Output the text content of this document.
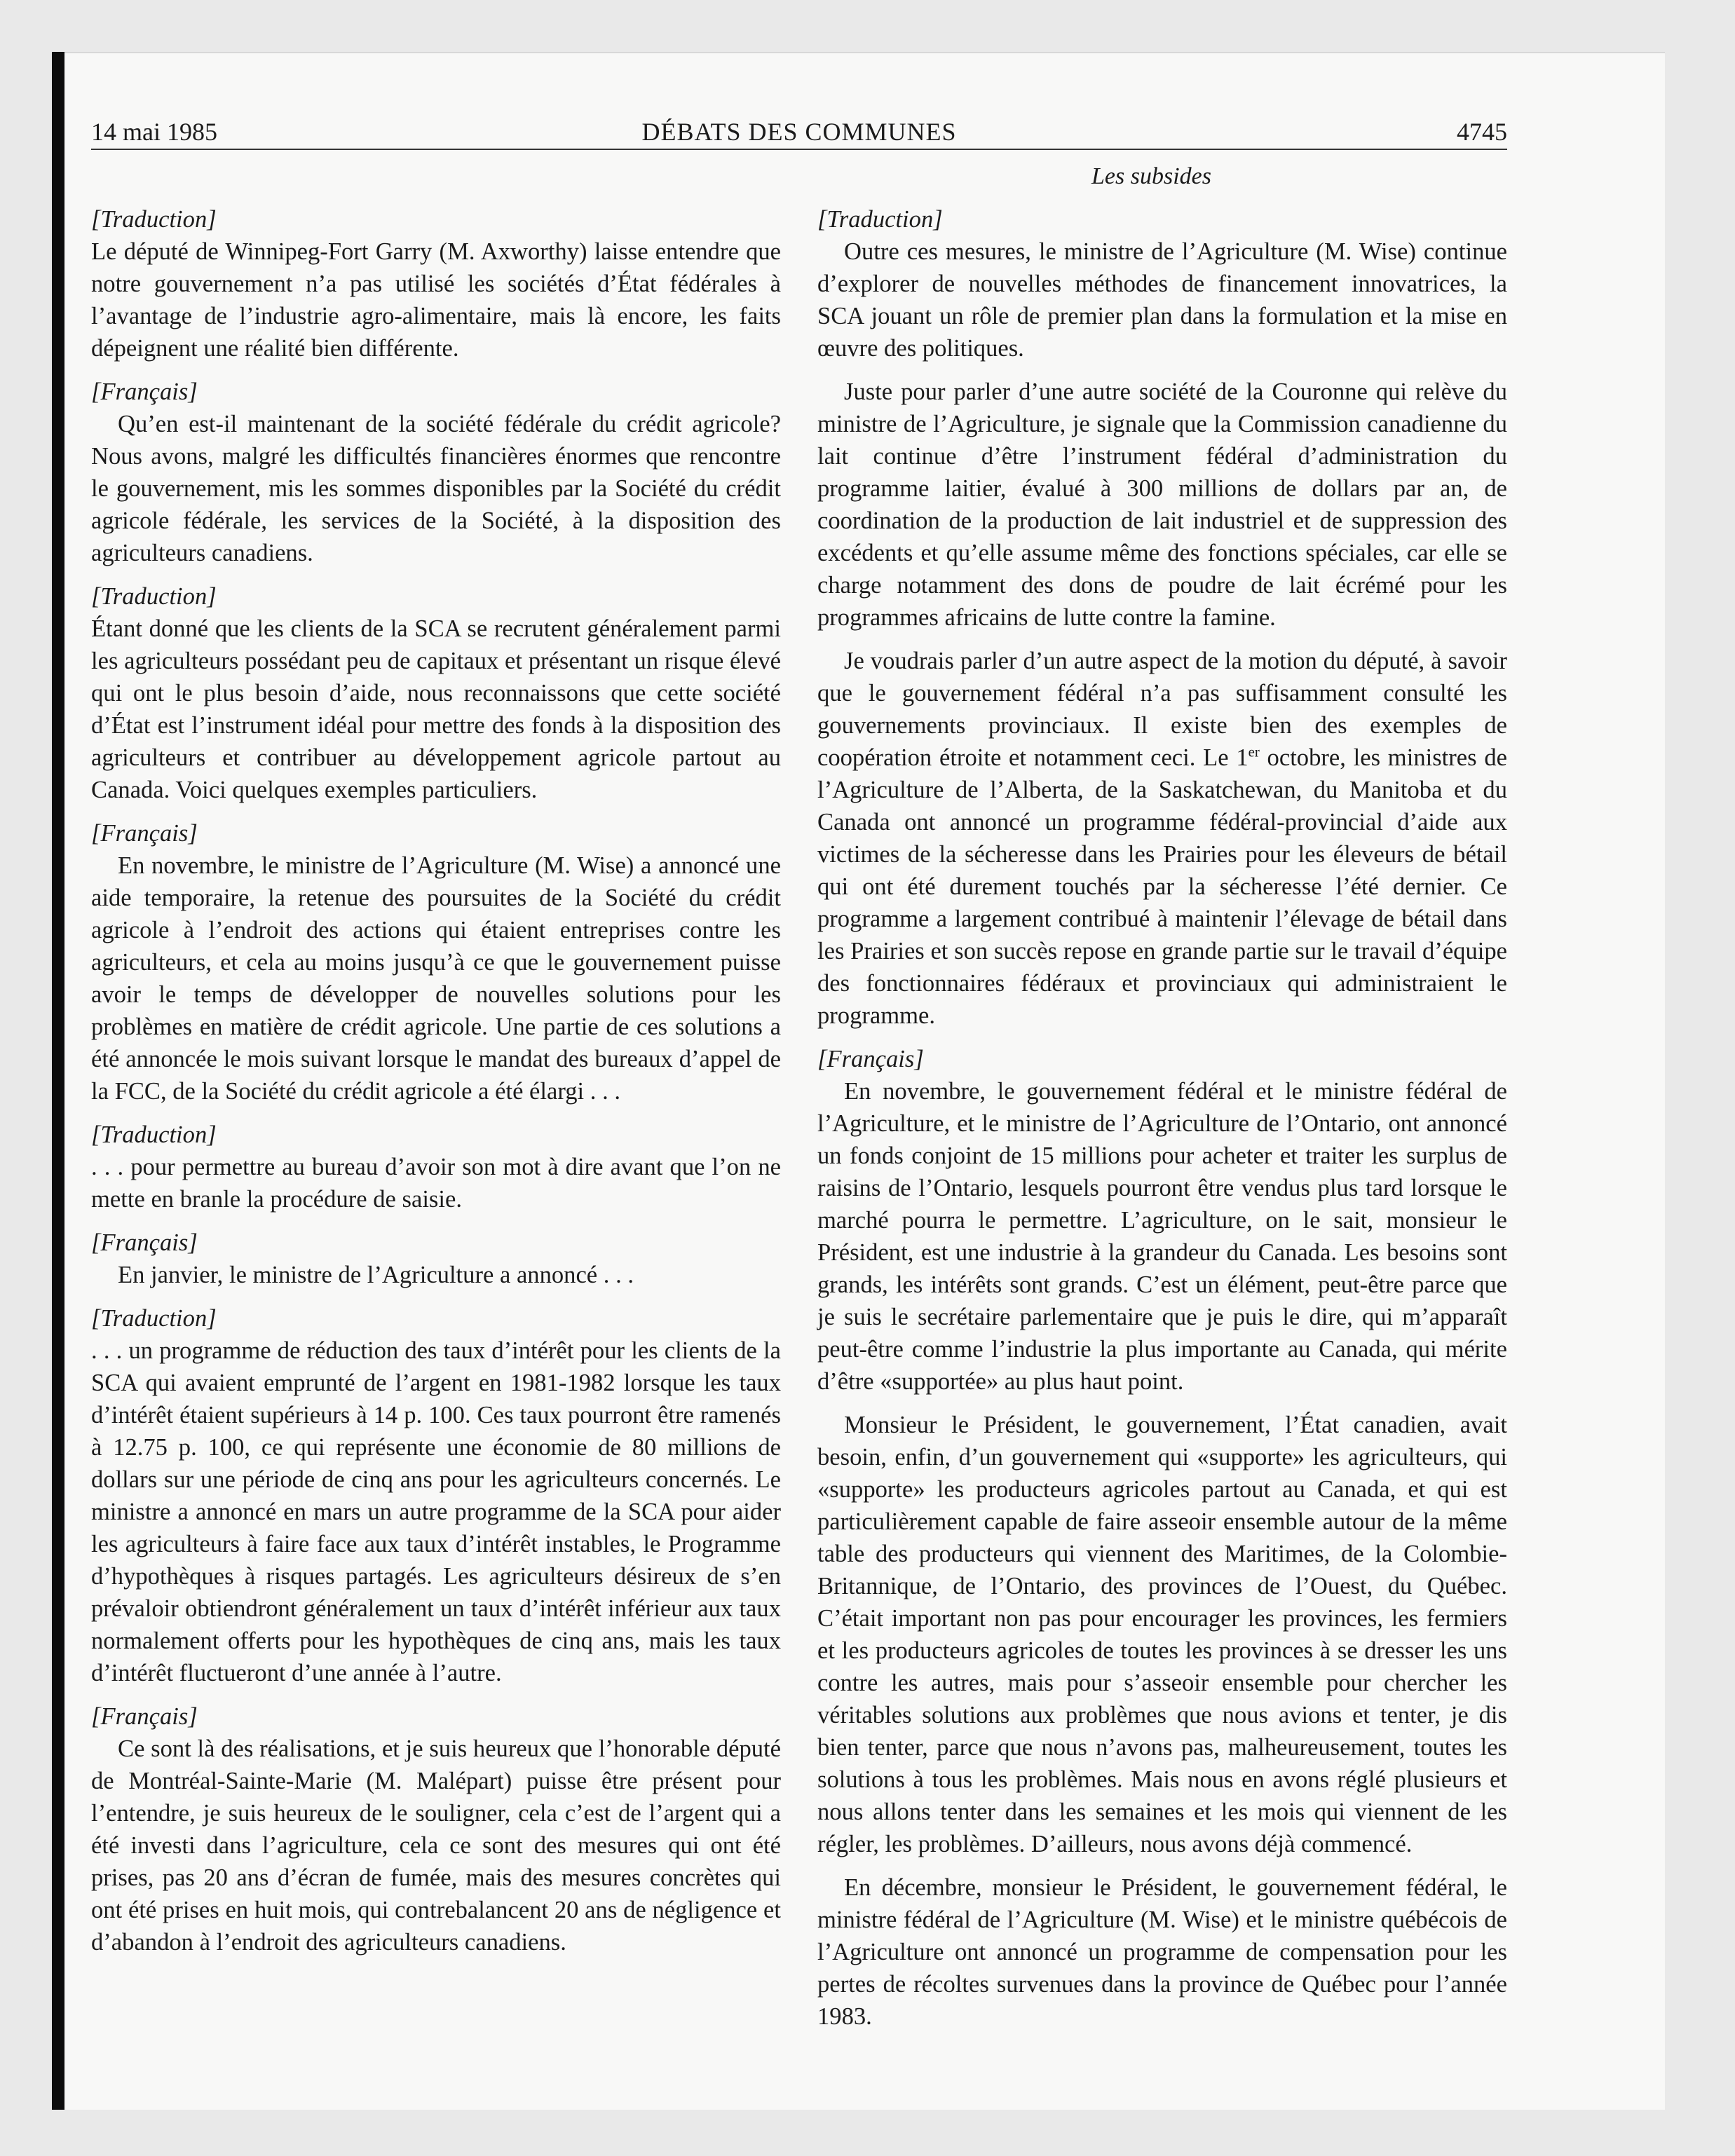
14 mai 1985	DÉBATS DES COMMUNES	4745
Les subsides
[Traduction]

Le député de Winnipeg-Fort Garry (M. Axworthy) laisse entendre que notre gouvernement n’a pas utilisé les sociétés d’État fédérales à l’avantage de l’industrie agro-alimentaire, mais là encore, les faits dépeignent une réalité bien différente.

[Français]

Qu’en est-il maintenant de la société fédérale du crédit agricole? Nous avons, malgré les difficultés financières énormes que rencontre le gouvernement, mis les sommes disponibles par la Société du crédit agricole fédérale, les services de la Société, à la disposition des agriculteurs canadiens.

[Traduction]

Étant donné que les clients de la SCA se recrutent généralement parmi les agriculteurs possédant peu de capitaux et présentant un risque élevé qui ont le plus besoin d’aide, nous reconnaissons que cette société d’État est l’instrument idéal pour mettre des fonds à la disposition des agriculteurs et contribuer au développement agricole partout au Canada. Voici quelques exemples particuliers.

[Français]

En novembre, le ministre de l’Agriculture (M. Wise) a annoncé une aide temporaire, la retenue des poursuites de la Société du crédit agricole à l’endroit des actions qui étaient entreprises contre les agriculteurs, et cela au moins jusqu’à ce que le gouvernement puisse avoir le temps de développer de nouvelles solutions pour les problèmes en matière de crédit agricole. Une partie de ces solutions a été annoncée le mois suivant lorsque le mandat des bureaux d’appel de la FCC, de la Société du crédit agricole a été élargi . . .

[Traduction]

. . . pour permettre au bureau d’avoir son mot à dire avant que l’on ne mette en branle la procédure de saisie.

[Français]

En janvier, le ministre de l’Agriculture a annoncé . . .

[Traduction]

. . . un programme de réduction des taux d’intérêt pour les clients de la SCA qui avaient emprunté de l’argent en 1981-1982 lorsque les taux d’intérêt étaient supérieurs à 14 p. 100. Ces taux pourront être ramenés à 12.75 p. 100, ce qui représente une économie de 80 millions de dollars sur une période de cinq ans pour les agriculteurs concernés. Le ministre a annoncé en mars un autre programme de la SCA pour aider les agriculteurs à faire face aux taux d’intérêt instables, le Programme d’hypothèques à risques partagés. Les agriculteurs désireux de s’en prévaloir obtiendront généralement un taux d’intérêt inférieur aux taux normalement offerts pour les hypothèques de cinq ans, mais les taux d’intérêt fluctueront d’une année à l’autre.

[Français]

Ce sont là des réalisations, et je suis heureux que l’honorable député de Montréal-Sainte-Marie (M. Malépart) puisse être présent pour l’entendre, je suis heureux de le souligner, cela c’est de l’argent qui a été investi dans l’agriculture, cela ce sont des mesures qui ont été prises, pas 20 ans d’écran de fumée, mais des mesures concrètes qui ont été prises en huit mois, qui contrebalancent 20 ans de négligence et d’abandon à l’endroit des agriculteurs canadiens.

[Traduction]

Outre ces mesures, le ministre de l’Agriculture (M. Wise) continue d’explorer de nouvelles méthodes de financement innovatrices, la SCA jouant un rôle de premier plan dans la formulation et la mise en œuvre des politiques.

Juste pour parler d’une autre société de la Couronne qui relève du ministre de l’Agriculture, je signale que la Commission canadienne du lait continue d’être l’instrument fédéral d’administration du programme laitier, évalué à 300 millions de dollars par an, de coordination de la production de lait industriel et de suppression des excédents et qu’elle assume même des fonctions spéciales, car elle se charge notamment des dons de poudre de lait écrémé pour les programmes africains de lutte contre la famine.

Je voudrais parler d’un autre aspect de la motion du député, à savoir que le gouvernement fédéral n’a pas suffisamment consulté les gouvernements provinciaux. Il existe bien des exemples de coopération étroite et notamment ceci. Le 1er octobre, les ministres de l’Agriculture de l’Alberta, de la Saskatchewan, du Manitoba et du Canada ont annoncé un programme fédéral-provincial d’aide aux victimes de la sécheresse dans les Prairies pour les éleveurs de bétail qui ont été durement touchés par la sécheresse l’été dernier. Ce programme a largement contribué à maintenir l’élevage de bétail dans les Prairies et son succès repose en grande partie sur le travail d’équipe des fonctionnaires fédéraux et provinciaux qui administraient le programme.

[Français]

En novembre, le gouvernement fédéral et le ministre fédéral de l’Agriculture, et le ministre de l’Agriculture de l’Ontario, ont annoncé un fonds conjoint de 15 millions pour acheter et traiter les surplus de raisins de l’Ontario, lesquels pourront être vendus plus tard lorsque le marché pourra le permettre. L’agriculture, on le sait, monsieur le Président, est une industrie à la grandeur du Canada. Les besoins sont grands, les intérêts sont grands. C’est un élément, peut-être parce que je suis le secrétaire parlementaire que je puis le dire, qui m’apparaît peut-être comme l’industrie la plus importante au Canada, qui mérite d’être «supportée» au plus haut point.

Monsieur le Président, le gouvernement, l’État canadien, avait besoin, enfin, d’un gouvernement qui «supporte» les agriculteurs, qui «supporte» les producteurs agricoles partout au Canada, et qui est particulièrement capable de faire asseoir ensemble autour de la même table des producteurs qui viennent des Maritimes, de la Colombie-Britannique, de l’Ontario, des provinces de l’Ouest, du Québec. C’était important non pas pour encourager les provinces, les fermiers et les producteurs agricoles de toutes les provinces à se dresser les uns contre les autres, mais pour s’asseoir ensemble pour chercher les véritables solutions aux problèmes que nous avions et tenter, je dis bien tenter, parce que nous n’avons pas, malheureusement, toutes les solutions à tous les problèmes. Mais nous en avons réglé plusieurs et nous allons tenter dans les semaines et les mois qui viennent de les régler, les problèmes. D’ailleurs, nous avons déjà commencé.

En décembre, monsieur le Président, le gouvernement fédéral, le ministre fédéral de l’Agriculture (M. Wise) et le ministre québécois de l’Agriculture ont annoncé un programme de compensation pour les pertes de récoltes survenues dans la province de Québec pour l’année 1983.
